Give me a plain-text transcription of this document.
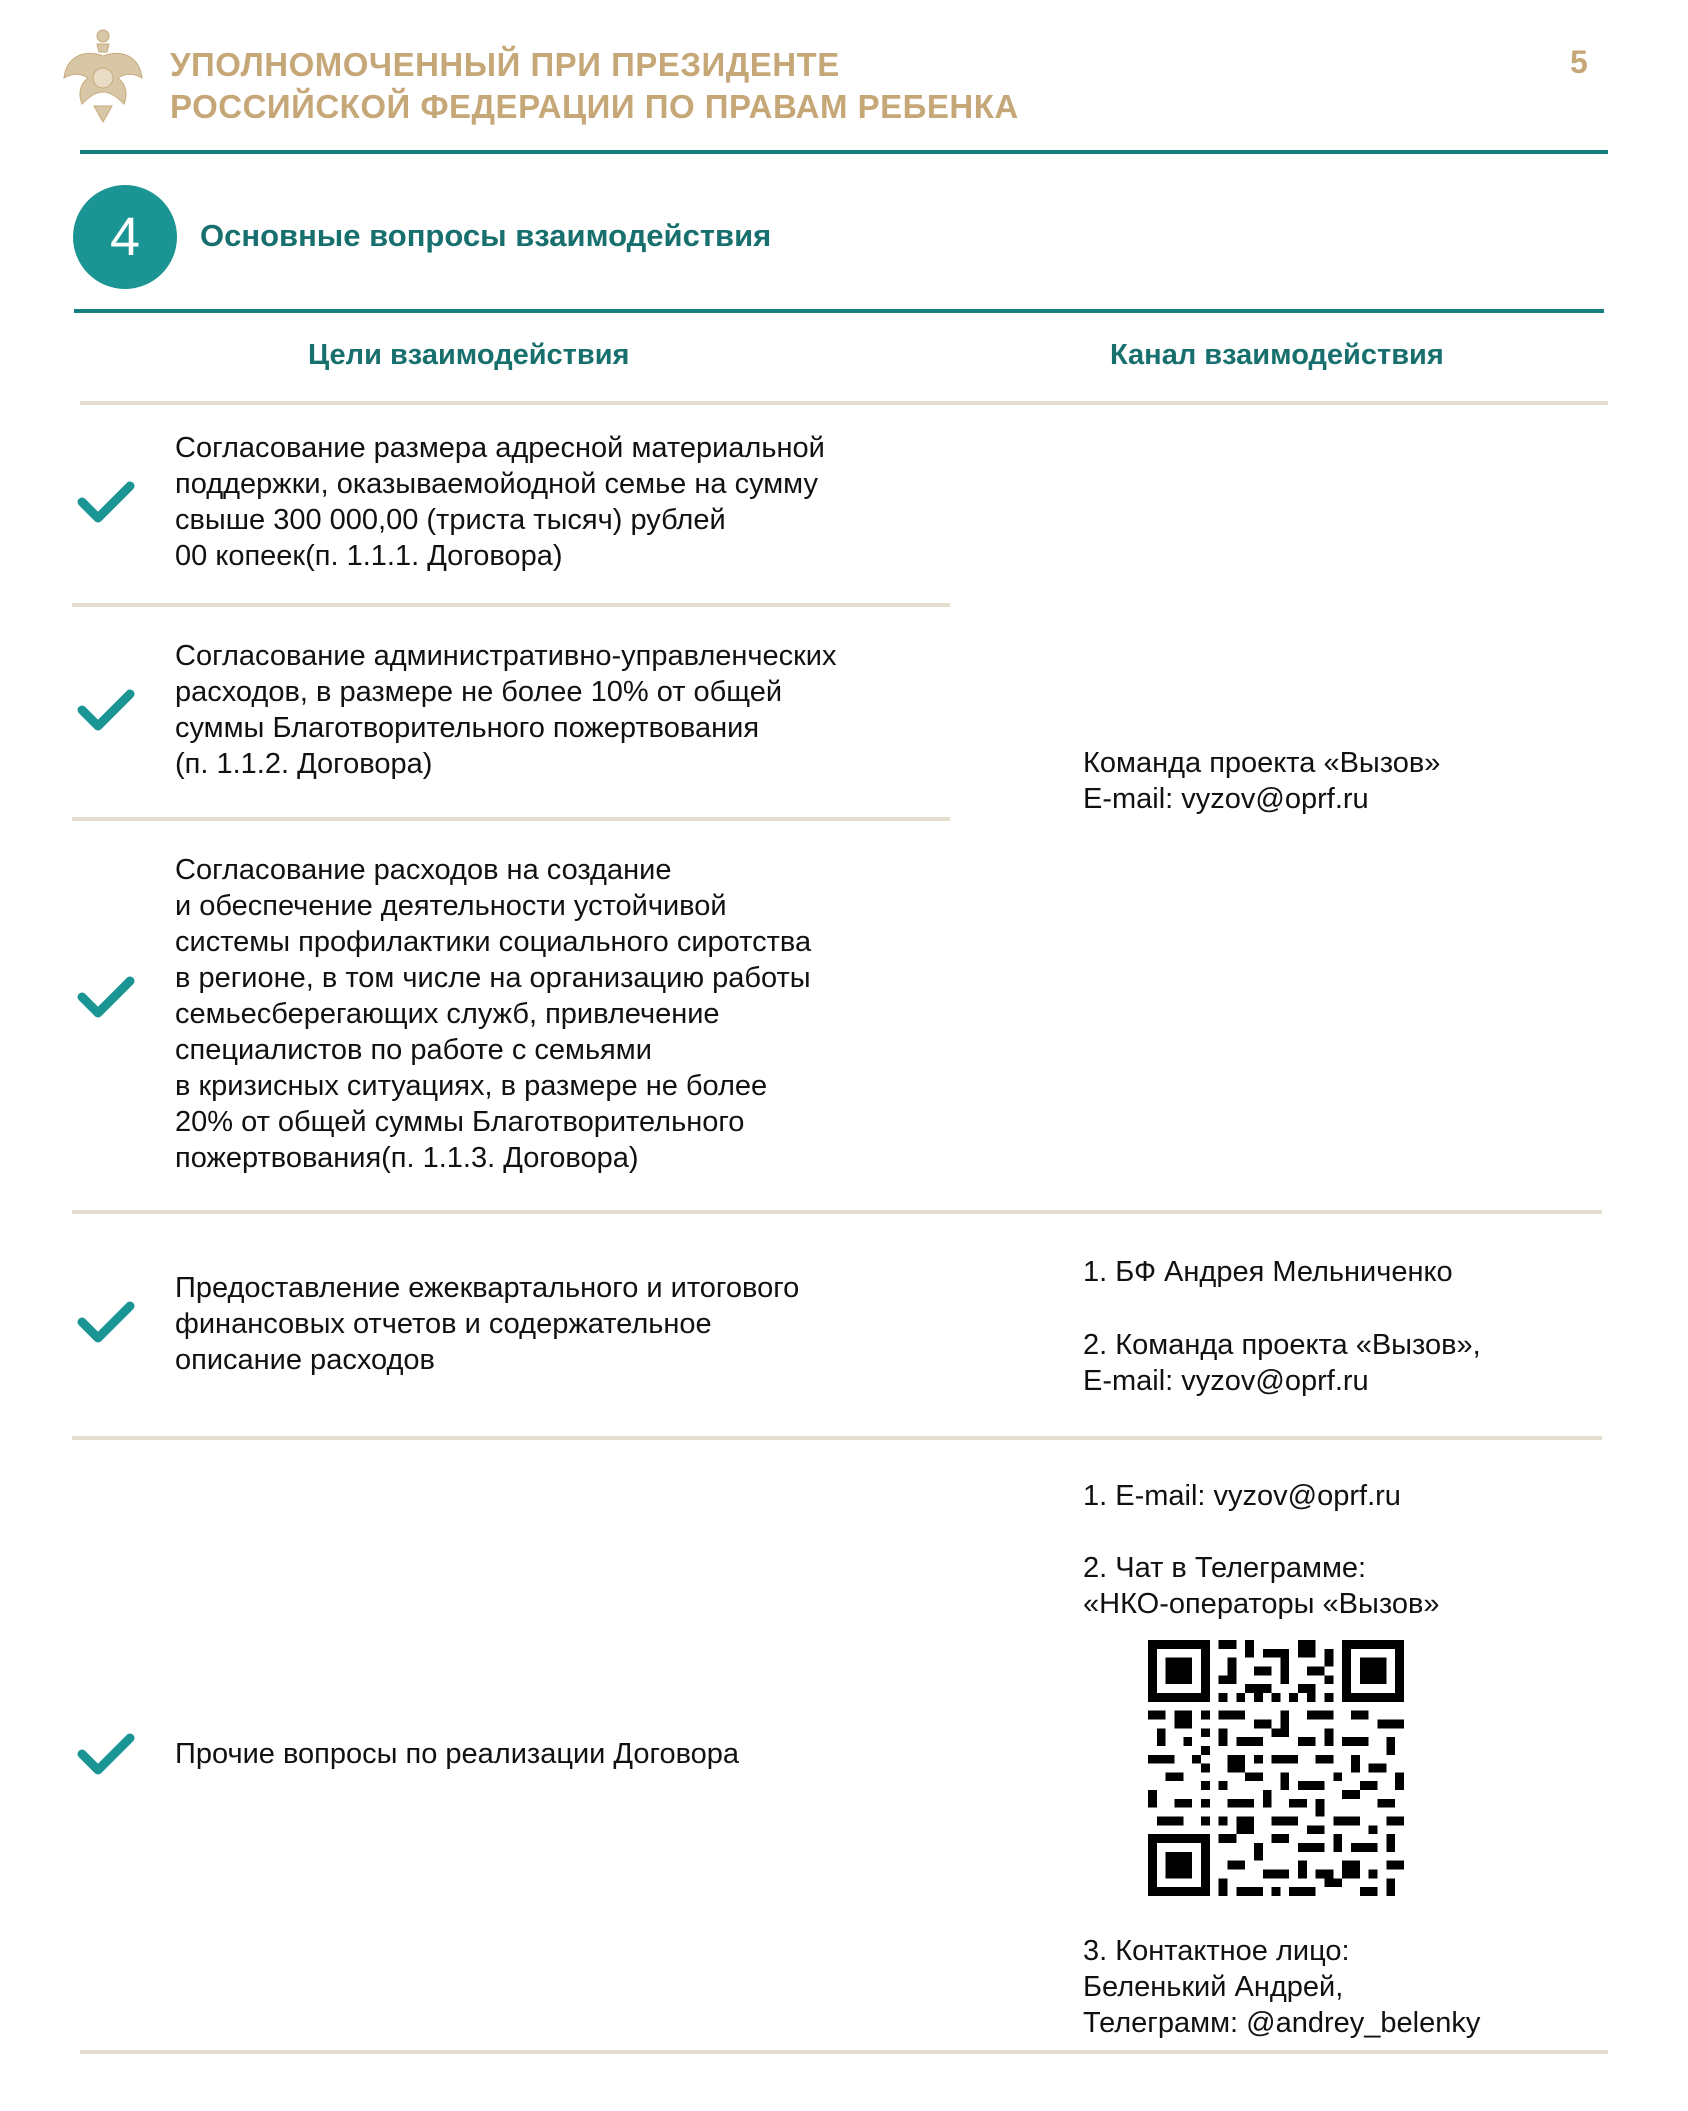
УПОЛНОМОЧЕННЫЙ ПРИ ПРЕЗИДЕНТЕ
РОССИЙСКОЙ ФЕДЕРАЦИИ ПО ПРАВАМ РЕБЕНКА
5
4	Основные вопросы взаимодействия
Цели взаимодействия	Канал взаимодействия
Согласование размера адресной материальной
поддержки, оказываемойодной семье на сумму
свыше 300 000,00 (триста тысяч) рублей
00 копеек(п. 1.1.1. Договора)
Согласование административно-управленческих
расходов, в размере не более 10% от общей
суммы Благотворительного пожертвования
(п. 1.1.2. Договора)
Согласование расходов на создание
и обеспечение деятельности устойчивой
системы профилактики социального сиротства
в регионе, в том числе на организацию работы
семьесберегающих служб, привлечение
специалистов по работе с семьями
в кризисных ситуациях, в размере не более
20% от общей суммы Благотворительного
пожертвования(п. 1.1.3. Договора)
Команда проекта «Вызов»
E-mail: vyzov@oprf.ru
Предоставление ежеквартального и итогового
финансовых отчетов и содержательное
описание расходов
1. БФ Андрея Мельниченко
2. Команда проекта «Вызов»,
E-mail: vyzov@oprf.ru
Прочие вопросы по реализации Договора
1. E-mail: vyzov@oprf.ru
2. Чат в Телеграмме:
«НКО-операторы «Вызов»
3. Контактное лицо:
Беленький Андрей,
Телеграмм: @andrey_belenky
